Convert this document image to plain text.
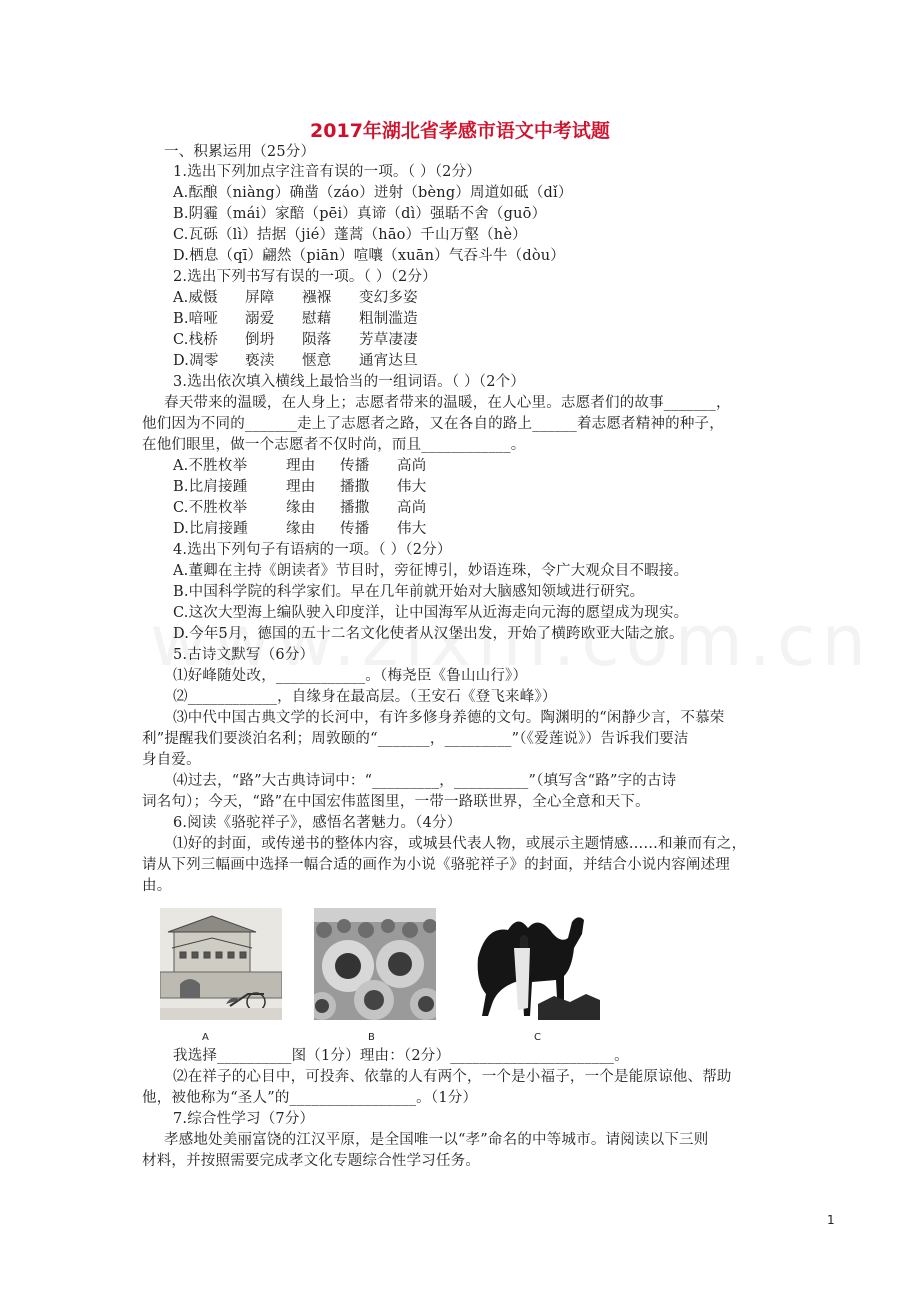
2017年湖北省孝感市语文中考试题
一、积累运用（25分）
1.选出下列加点字注音有误的一项。（ ）（2分）
A.酝酿（niàng）确凿（záo）迸射（bèng）周道如砥（dǐ）
B.阴霾（mái）家醅（pēi）真谛（dì）强聒不舍（guō）
C.瓦砾（lì）拮据（jié）蓬蒿（hāo）千山万壑（hè）
D.栖息（qī）翩然（piān）喧嚷（xuān）气吞斗牛（dòu）
2.选出下列书写有误的一项。（ ）（2分）
3.选出依次填入横线上最恰当的一组词语。（ ）（2个）
春天带来的温暖，在人身上；志愿者带来的温暖，在人心里。志愿者们的故事_______，
他们因为不同的_______走上了志愿者之路，又在各自的路上______着志愿者精神的种子，
在他们眼里，做一个志愿者不仅时尚，而且____________。
4.选出下列句子有语病的一项。（ ）（2分）
A.董卿在主持《朗读者》节目时，旁征博引，妙语连珠，令广大观众目不暇接。
B.中国科学院的科学家们。早在几年前就开始对大脑感知领域进行研究。
C.这次大型海上编队驶入印度洋，让中国海军从近海走向元海的愿望成为现实。
D.今年5月，德国的五十二名文化使者从汉堡出发，开始了横跨欧亚大陆之旅。
5.古诗文默写（6分）
⑴好峰随处改，____________。（梅尧臣《鲁山山行》）
⑵____________，自缘身在最高层。（王安石《登飞来峰》）
⑶中代中国古典文学的长河中，有许多修身养德的文句。陶渊明的“闲静少言，不慕荣
利”提醒我们要淡泊名利；周敦颐的“_______，_________”（《爱莲说》）告诉我们要洁
身自爱。
⑷过去，“路”大古典诗词中：“_________，__________”（填写含“路”字的古诗
词名句）；今天，“路”在中国宏伟蓝图里，一带一路联世界，全心全意和天下。
6.阅读《骆驼祥子》，感悟名著魅力。（4分）
⑴好的封面，或传递书的整体内容，或城县代表人物，或展示主题情感……和兼而有之，
请从下列三幅画中选择一幅合适的画作为小说《骆驼祥子》的封面，并结合小说内容阐述理
由。
我选择__________图（1分）理由：（2分）______________________。
⑵在祥子的心目中，可投奔、依靠的人有两个，一个是小福子，一个是能原谅他、帮助
他，被他称为“圣人”的_________________。（1分）
7.综合性学习（7分）
孝感地处美丽富饶的江汉平原，是全国唯一以“孝”命名的中等城市。请阅读以下三则
材料，并按照需要完成孝文化专题综合性学习任务。
A.威慑 屏障 襁褓 变幻多姿
B.喑哑 溺爱 慰藉 粗制滥造
C.栈桥 倒坍 陨落 芳草凄凄
D.凋零 亵渎 惬意 通宵达旦
A.不胜枚举	理由 传播 高尚
B.比肩接踵	理由 播撒 伟大
C.不胜枚举	缘由 播撒 高尚
D.比肩接踵	缘由 传播 伟大
A	B	C
1
